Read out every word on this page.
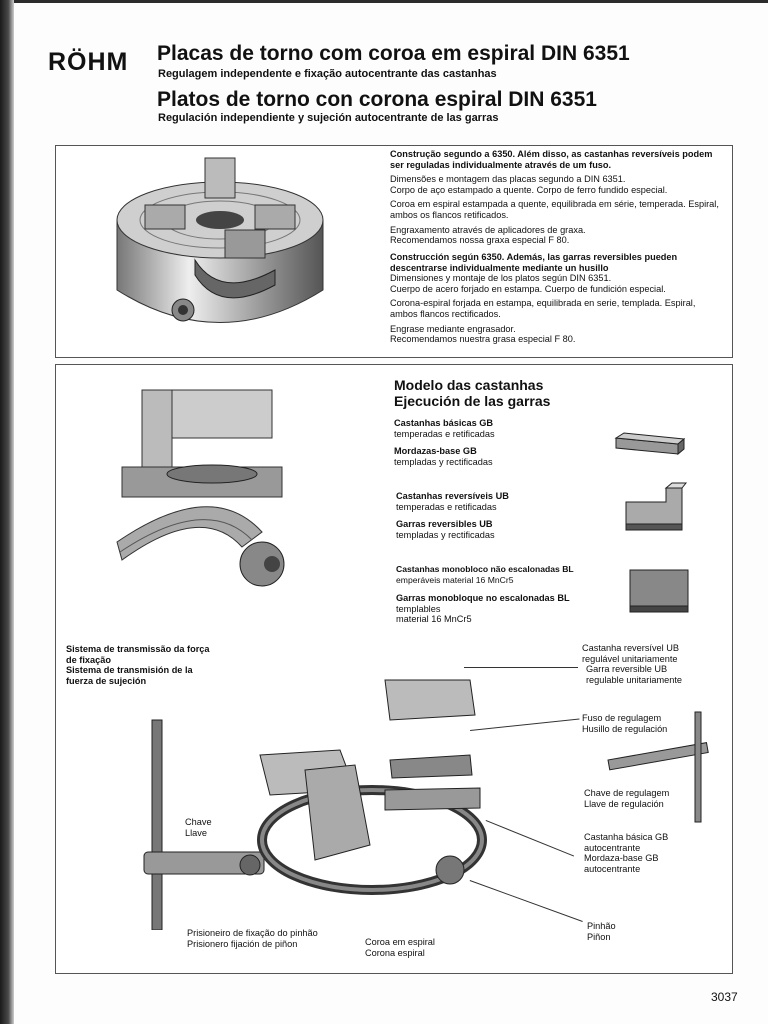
RÖHM Placas de torno com coroa em espiral DIN 6351
Regulagem independente e fixação autocentrante das castanhas
Platos de torno con corona espiral DIN 6351
Regulación independiente y sujeción autocentrante de las garras
Construção segundo a 6350. Além disso, as castanhas reversíveis podem ser reguladas individualmente através de um fuso.
Dimensões e montagem das placas segundo a DIN 6351.
Corpo de aço estampado a quente. Corpo de ferro fundido especial.
Coroa em espiral estampada a quente, equilibrada em série, temperada. Espiral, ambos os flancos retificados.
Engraxamento através de aplicadores de graxa.
Recomendamos nossa graxa especial F 80.
Construcción según 6350. Además, las garras reversibles pueden descentrarse individualmente mediante un husillo
Dimensiones y montaje de los platos según DIN 6351.
Cuerpo de acero forjado en estampa. Cuerpo de fundición especial.
Corona-espiral forjada en estampa, equilibrada en serie, templada. Espiral, ambos flancos rectificados.
Engrase mediante engrasador.
Recomendamos nuestra grasa especial F 80.
Modelo das castanhas
Ejecución de las garras
Castanhas básicas GB
temperadas e retificadas
Mordazas-base GB
templadas y rectificadas
Castanhas reversíveis UB
temperadas e retificadas
Garras reversibles UB
templadas y rectificadas
Castanhas monobloco não escalonadas BL
emperáveis material 16 MnCr5
Garras monobloque no escalonadas BL
templables
material 16 MnCr5
Sistema de transmissão da força de fixação
Sistema de transmisión de la fuerza de sujeción
Castanha reversível UB
regulável unitariamente
Garra reversible UB
regulable unitariamente
Fuso de regulagem
Husillo de regulación
Chave de regulagem
Llave de regulación
Castanha básica GB
autocentrante
Mordaza-base GB
autocentrante
Chave
Llave
Prisioneiro de fixação do pinhão
Prisionero fijación de piñon	Coroa em espiral
Corona espiral
Pinhão
Piñon
3037
